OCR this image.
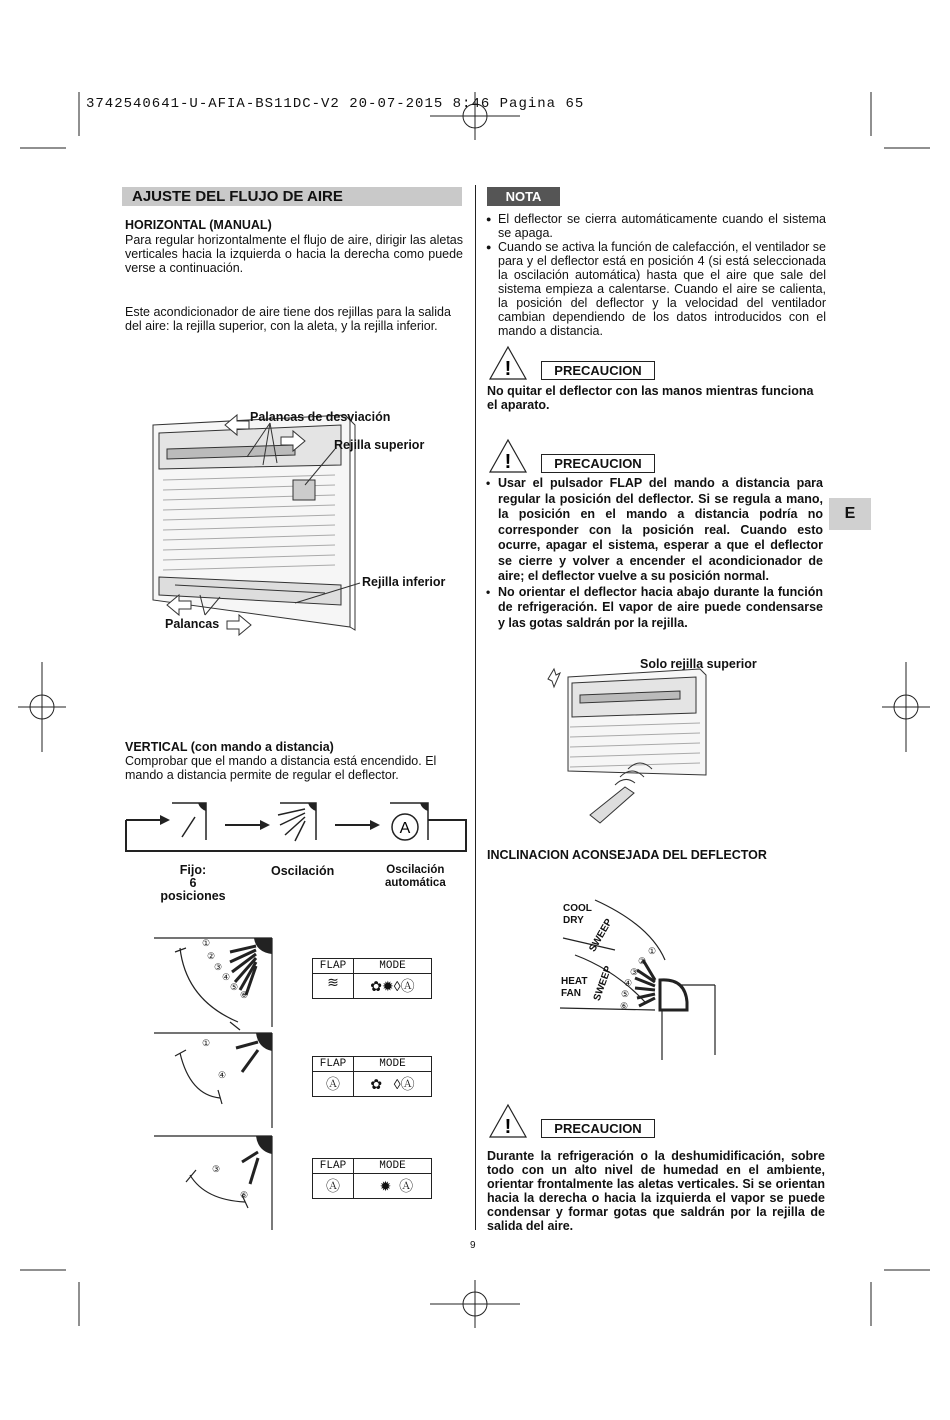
3742540641-U-AFIA-BS11DC-V2 20-07-2015 8:46 Pagina 65
AJUSTE DEL FLUJO DE AIRE
HORIZONTAL (MANUAL)
Para regular horizontalmente el flujo de aire, dirigir las aletas verticales hacia la izquierda o hacia la derecha como puede verse a continuación.
Este acondicionador de aire tiene dos rejillas para la salida del aire: la rejilla superior, con la aleta, y la rejilla inferior.
Palancas de desviación
Rejilla superior
Rejilla inferior
Palancas
VERTICAL (con mando a distancia)
Comprobar que el mando a distancia está encendido. El mando a distancia permite de regular el deflector.
A
Fijo:
6
posiciones
Oscilación	Oscilación
automática
①
②
③
④
⑤
⑥
①
④
③
⑥
FLAP	MODE
≋	✿✹◊Ⓐ
FLAP	MODE
Ⓐ	✿   ◊Ⓐ
FLAP	MODE
Ⓐ	✹  Ⓐ
NOTA
● El deflector se cierra automáticamente cuando el sistema se apaga.
● Cuando se activa la función de calefacción, el ventilador se para y el deflector está en posición 4 (si está seleccionada la oscilación automática) hasta que el aire que sale del sistema empieza a calentarse. Cuando el aire se calienta, la posición del deflector y la velocidad del ventilador cambian dependiendo de los datos introducidos con el mando a distancia.
!	PRECAUCION
No quitar el deflector con las manos mientras funciona el aparato.
!	PRECAUCION
• Usar el pulsador FLAP del mando a distancia para regular la posición del deflector. Si se regula a mano, la posición en el mando a distancia podría no corresponder con la posición real. Cuando esto ocurre, apagar el sistema, esperar a que el deflector se cierre y volver a encender el acondicionador de aire; el deflector vuelve a su posición normal.
• No orientar el deflector hacia abajo durante la función de refrigeración. El vapor de aire puede condensarse y las gotas saldrán por la rejilla.
E
Solo rejilla superior
INCLINACION ACONSEJADA DEL DEFLECTOR
COOL
DRY
HEAT
FAN
SWEEP
SWEEP
①
②
③
④
⑤
⑥
!	PRECAUCION
Durante la refrigeración o la deshumidificación, sobre todo con un alto nivel de humedad en el ambiente, orientar frontalmente las aletas verticales. Si se orientan hacia la derecha o hacia la izquierda el vapor se puede condensar y formar gotas que saldrán por la rejilla de salida del aire.
9
